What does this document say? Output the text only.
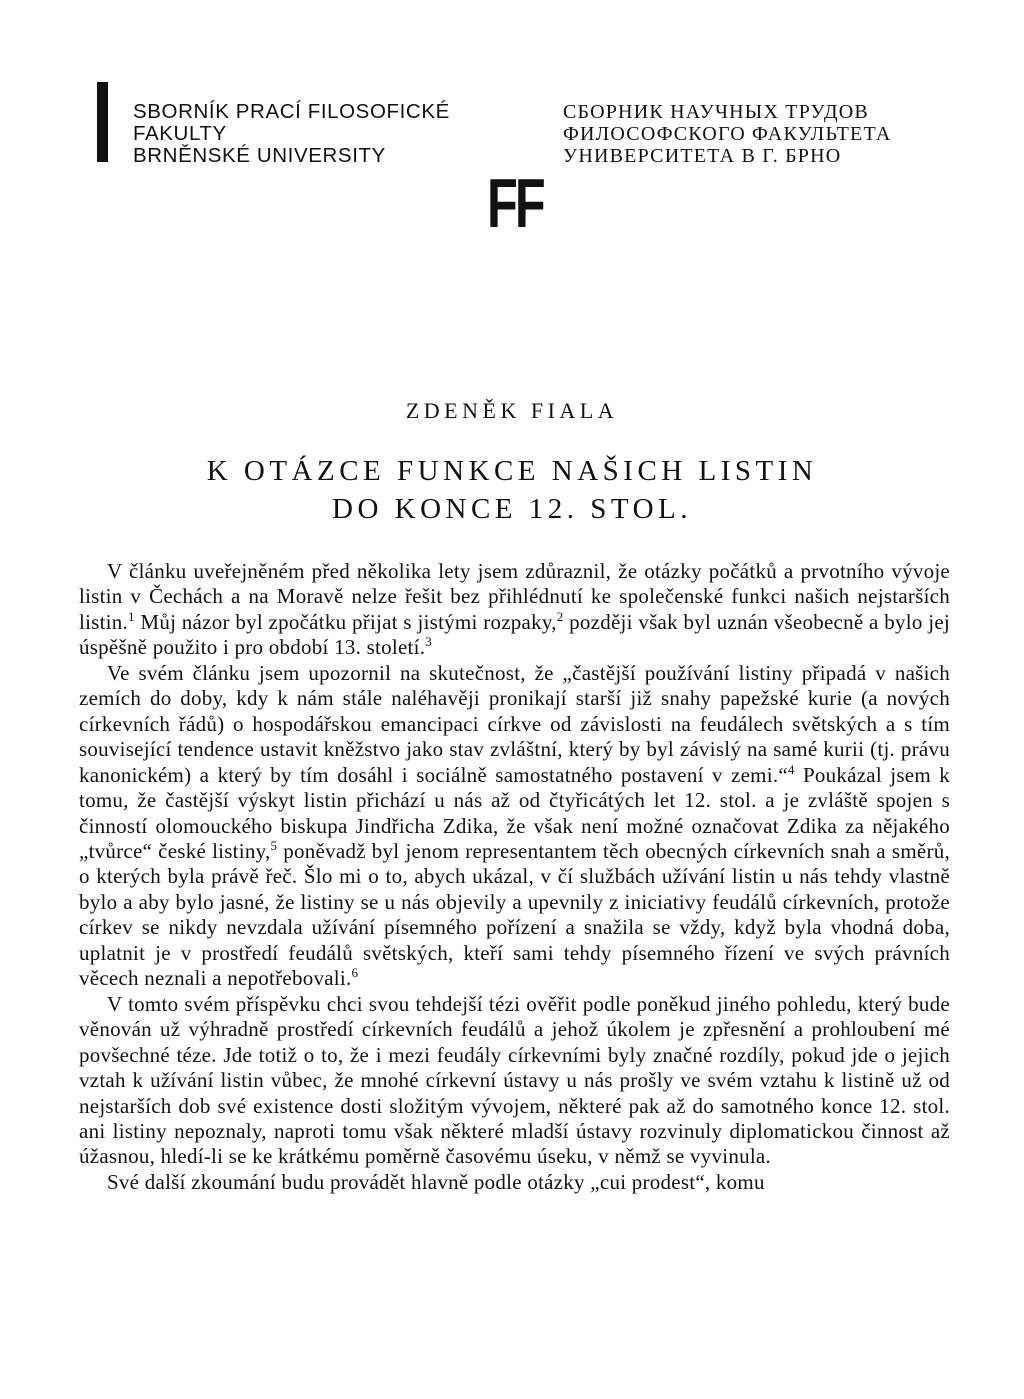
SBORNÍK PRACÍ FILOSOFICKÉ
FAKULTY
BRNĚNSKÉ UNIVERSITY
СБОРНИК НАУЧНЫХ ТРУДОВ
ФИЛОСОФСКОГО ФАКУЛЬТЕТА
УНИВЕРСИТЕТА В Г. БРНО
FF
ZDENĚK FIALA
K OTÁZCE FUNKCE NAŠICH LISTIN
DO KONCE 12. STOL.

V článku uveřejněném před několika lety jsem zdůraznil, že otázky počátků a prvotního vývoje listin v Čechách a na Moravě nelze řešit bez přihlédnutí ke společenské funkci našich nejstarších listin.$^1$ Můj názor byl zpočátku přijat s jistými rozpaky,$^2$ později však byl uznán všeobecně a bylo jej úspěšně použito i pro období 13. století.$^3$

Ve svém článku jsem upozornil na skutečnost, že „častější používání listiny připadá v našich zemích do doby, kdy k nám stále naléhavěji pronikají starší již snahy papežské kurie (a nových církevních řádů) o hospodářskou emancipaci církve od závislosti na feudálech světských a s tím související tendence ustavit kněžstvo jako stav zvláštní, který by byl závislý na samé kurii (tj. právu kanonickém) a který by tím dosáhl i sociálně samostatného postavení v zemi.“$^4$ Poukázal jsem k tomu, že častější výskyt listin přichází u nás až od čtyřicátých let 12. stol. a je zvláště spojen s činností olomouckého biskupa Jindřicha Zdika, že však není možné označovat Zdika za nějakého „tvůrce“ české listiny,$^5$ poněvadž byl jenom representantem těch obecných církevních snah a směrů, o kterých byla právě řeč. Šlo mi o to, abych ukázal, v čí službách užívání listin u nás tehdy vlastně bylo a aby bylo jasné, že listiny se u nás objevily a upevnily z iniciativy feudálů církevních, protože církev se nikdy nevzdala užívání písemného pořízení a snažila se vždy, když byla vhodná doba, uplatnit je v prostředí feudálů světských, kteří sami tehdy písemného řízení ve svých právních věcech neznali a nepotřebovali.$^6$

V tomto svém příspěvku chci svou tehdejší tézi ověřit podle poněkud jiného pohledu, který bude věnován už výhradně prostředí církevních feudálů a jehož úkolem je zpřesnění a prohloubení mé povšechné téze. Jde totiž o to, že i mezi feudály církevními byly značné rozdíly, pokud jde o jejich vztah k užívání listin vůbec, že mnohé církevní ústavy u nás prošly ve svém vztahu k listině už od nejstarších dob své existence dosti složitým vývojem, některé pak až do samotného konce 12. stol. ani listiny nepoznaly, naproti tomu však některé mladší ústavy rozvinuly diplomatickou činnost až úžasnou, hledí-li se ke krátkému poměrně časovému úseku, v němž se vyvinula.

Své další zkoumání budu provádět hlavně podle otázky „cui prodest“, komu
